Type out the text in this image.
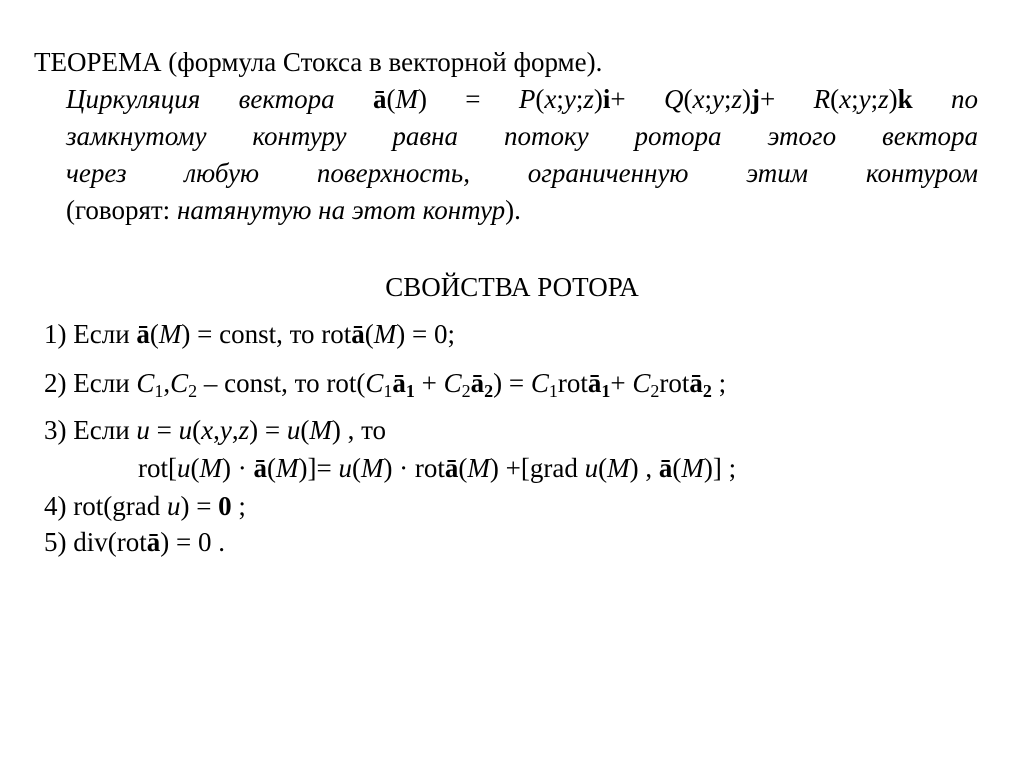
ТЕОРЕМА (формула Стокса в векторной форме).
Циркуляция вектора ā(M) = P(x;y;z)i+ Q(x;y;z)j+ R(x;y;z)k по
замкнутому контуру равна потоку ротора этого вектора
через любую поверхность, ограниченную этим контуром
(говорят: натянутую на этот контур).
СВОЙСТВА РОТОРА
1) Если ā(M) = const, то rotā(M) = 0;
2) Если $C_1,C_2$ – const, то $rot(C_1ā_1$ + $C_2ā_2$) = $C_1rotā_1+$ $C_2rotā_2$ ;
3) Если u = u(x,y,z) = u(M) , то
rot[u(M) · ā(M)]= u(M) · rotā(M) +[grad u(M) , ā(M)] ;
4) rot(grad u) = 0 ;
5) div(rotā) = 0 .
